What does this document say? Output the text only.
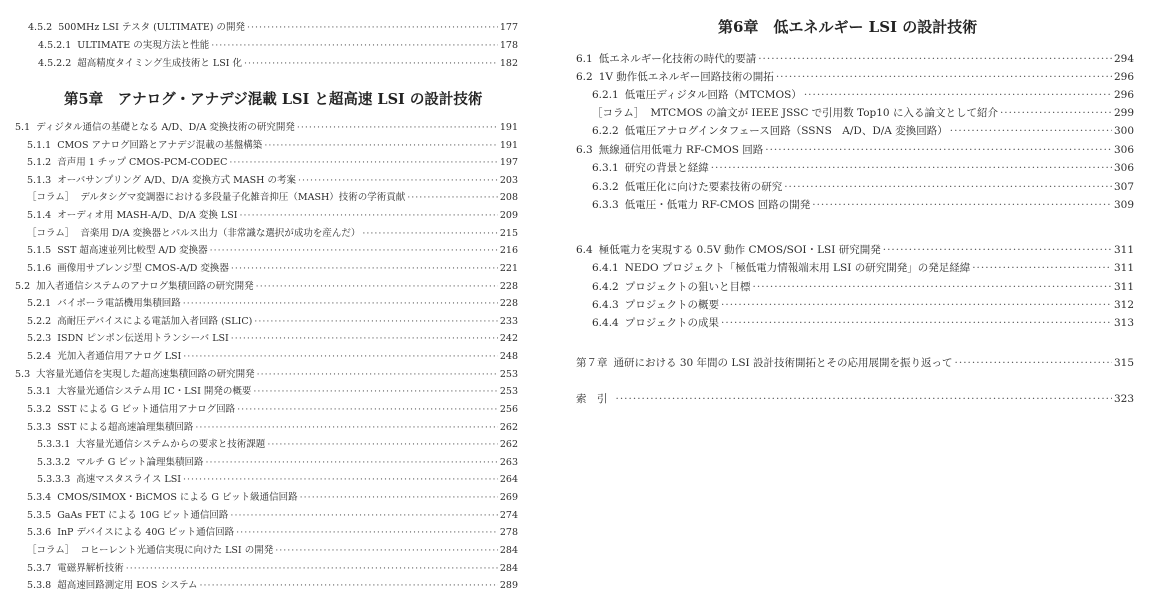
4.5.2 500MHz LSI テスタ (ULTIMATE) の開発 ·····	177
4.5.2.1 ULTIMATE の実現方法と性能 ·····	178
4.5.2.2 超高精度タイミング生成技術と LSI 化 ·····	182
第5章　アナログ・アナデジ混載 LSI と超高速 LSI の設計技術
5.1 ディジタル通信の基礎となる A/D、D/A 変換技術の研究開発 ·····	191
5.1.1 CMOS アナログ回路とアナデジ混載の基盤構築 ·····	191
5.1.2 音声用 1 チップ CMOS-PCM-CODEC ·····	197
5.1.3 オーバサンプリング A/D、D/A 変換方式 MASH の考案 ·····	203
［コラム］ デルタシグマ変調器における多段量子化雑音抑圧（MASH）技術の学術貢献 ·····	208
5.1.4 オーディオ用 MASH-A/D、D/A 変換 LSI ·····	209
［コラム］ 音楽用 D/A 変換器とパルス出力（非常識な選択が成功を産んだ） ·····	215
5.1.5 SST 超高速並列比較型 A/D 変換器 ·····	216
5.1.6 画像用サブレンジ型 CMOS-A/D 変換器 ·····	221
5.2 加入者通信システムのアナログ集積回路の研究開発 ·····	228
5.2.1 バイポーラ電話機用集積回路 ·····	228
5.2.2 高耐圧デバイスによる電話加入者回路 (SLIC) ·····	233
5.2.3 ISDN ピンポン伝送用トランシーバ LSI ·····	242
5.2.4 光加入者通信用アナログ LSI ·····	248
5.3 大容量光通信を実現した超高速集積回路の研究開発 ·····	253
5.3.1 大容量光通信システム用 IC・LSI 開発の概要 ·····	253
5.3.2 SST による G ビット通信用アナログ回路 ·····	256
5.3.3 SST による超高速論理集積回路 ·····	262
5.3.3.1 大容量光通信システムからの要求と技術課題 ·····	262
5.3.3.2 マルチ G ビット論理集積回路 ·····	263
5.3.3.3 高速マスタスライス LSI ·····	264
5.3.4 CMOS/SIMOX・BiCMOS による G ビット級通信回路 ·····	269
5.3.5 GaAs FET による 10G ビット通信回路 ·····	274
5.3.6 InP デバイスによる 40G ビット通信回路 ·····	278
［コラム］ コヒーレント光通信実現に向けた LSI の開発 ·····	284
5.3.7 電磁界解析技術 ·····	284
5.3.8 超高速回路測定用 EOS システム ·····	289
第6章　低エネルギー LSI の設計技術
6.1 低エネルギー化技術の時代的要請 ·····	294
6.2 1V 動作低エネルギー回路技術の開拓 ·····	296
6.2.1 低電圧ディジタル回路（MTCMOS） ·····	296
［コラム］ MTCMOS の論文が IEEE JSSC で引用数 Top10 に入る論文として紹介 ·····	299
6.2.2 低電圧アナログインタフェース回路（SSNS　A/D、D/A 変換回路） ·····	300
6.3 無線通信用低電力 RF-CMOS 回路 ·····	306
6.3.1 研究の背景と経緯 ·····	306
6.3.2 低電圧化に向けた要素技術の研究 ·····	307
6.3.3 低電圧・低電力 RF-CMOS 回路の開発 ·····	309
6.4 極低電力を実現する 0.5V 動作 CMOS/SOI・LSI 研究開発 ·····	311
6.4.1 NEDO プロジェクト「極低電力情報端末用 LSI の研究開発」の発足経緯 ·····	311
6.4.2 プロジェクトの狙いと目標 ·····	311
6.4.3 プロジェクトの概要 ·····	312
6.4.4 プロジェクトの成果 ·····	313
第７章 通研における 30 年間の LSI 設計技術開拓とその応用展開を振り返って ·····	315
索　引 ·····	323
